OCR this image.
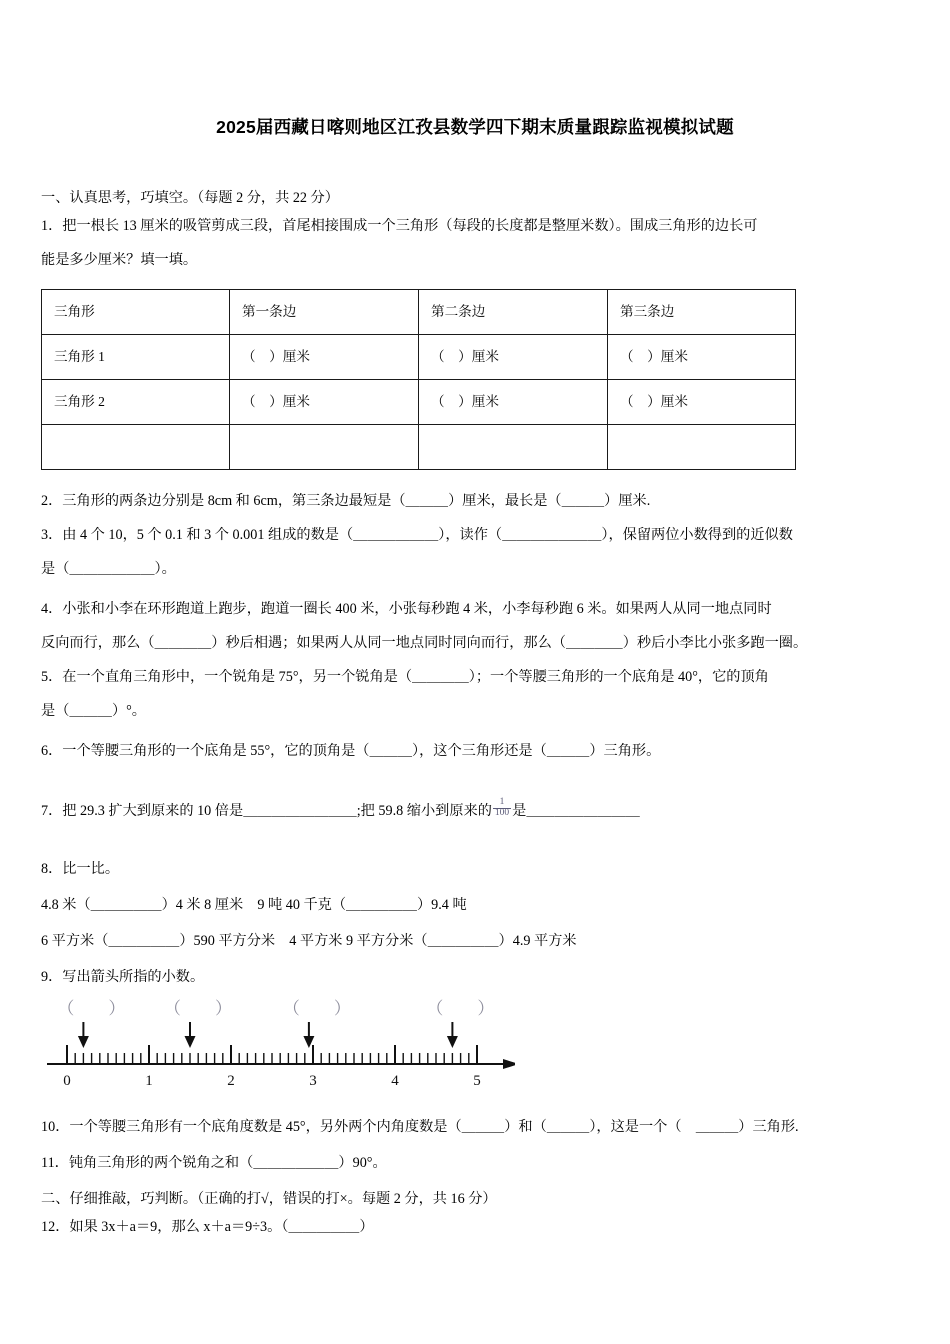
2025届西藏日喀则地区江孜县数学四下期末质量跟踪监视模拟试题

一、认真思考，巧填空。（每题 2 分，共 22 分）

1．把一根长 13 厘米的吸管剪成三段，首尾相接围成一个三角形（每段的长度都是整厘米数）。围成三角形的边长可

能是多少厘米？填一填。

三角形	第一条边	第二条边	第三条边
三角形 1	（　）厘米	（　）厘米	（　）厘米
三角形 2	（　）厘米	（　）厘米	（　）厘米

2．三角形的两条边分别是 8cm 和 6cm，第三条边最短是（＿＿＿）厘米，最长是（＿＿＿）厘米.

3．由 4 个 10，5 个 0.1 和 3 个 0.001 组成的数是（＿＿＿＿＿＿），读作（＿＿＿＿＿＿＿），保留两位小数得到的近似数

是（＿＿＿＿＿＿）。

4．小张和小李在环形跑道上跑步，跑道一圈长 400 米，小张每秒跑 4 米，小李每秒跑 6 米。如果两人从同一地点同时

反向而行，那么（＿＿＿＿）秒后相遇；如果两人从同一地点同时同向而行，那么（＿＿＿＿）秒后小李比小张多跑一圈。

5．在一个直角三角形中，一个锐角是 75°，另一个锐角是（＿＿＿＿）；一个等腰三角形的一个底角是 40°，它的顶角

是（＿＿＿）°。

6．一个等腰三角形的一个底角是 55°，它的顶角是（＿＿＿），这个三角形还是（＿＿＿）三角形。

7．把 29.3 扩大到原来的 10 倍是＿＿＿＿＿＿＿＿;把 59.8 缩小到原来的 $\frac{1}{100}$ 是＿＿＿＿＿＿＿＿

8．比一比。

4.8 米（＿＿＿＿＿）4 米 8 厘米　9 吨 40 千克（＿＿＿＿＿）9.4 吨

6 平方米（＿＿＿＿＿）590 平方分米　4 平方米 9 平方分米（＿＿＿＿＿）4.9 平方米

9．写出箭头所指的小数。

（　　） （　　）	（　　）	（　　）
0	1	2	3	4	5

10．一个等腰三角形有一个底角度数是 45°，另外两个内角度数是（＿＿＿）和（＿＿＿），这是一个（　＿＿＿）三角形.

11．钝角三角形的两个锐角之和（＿＿＿＿＿＿）90°。

二、仔细推敲，巧判断。（正确的打√，错误的打×。每题 2 分，共 16 分）

12．如果 3x＋a＝9，那么 x＋a＝9÷3。（＿＿＿＿＿）
